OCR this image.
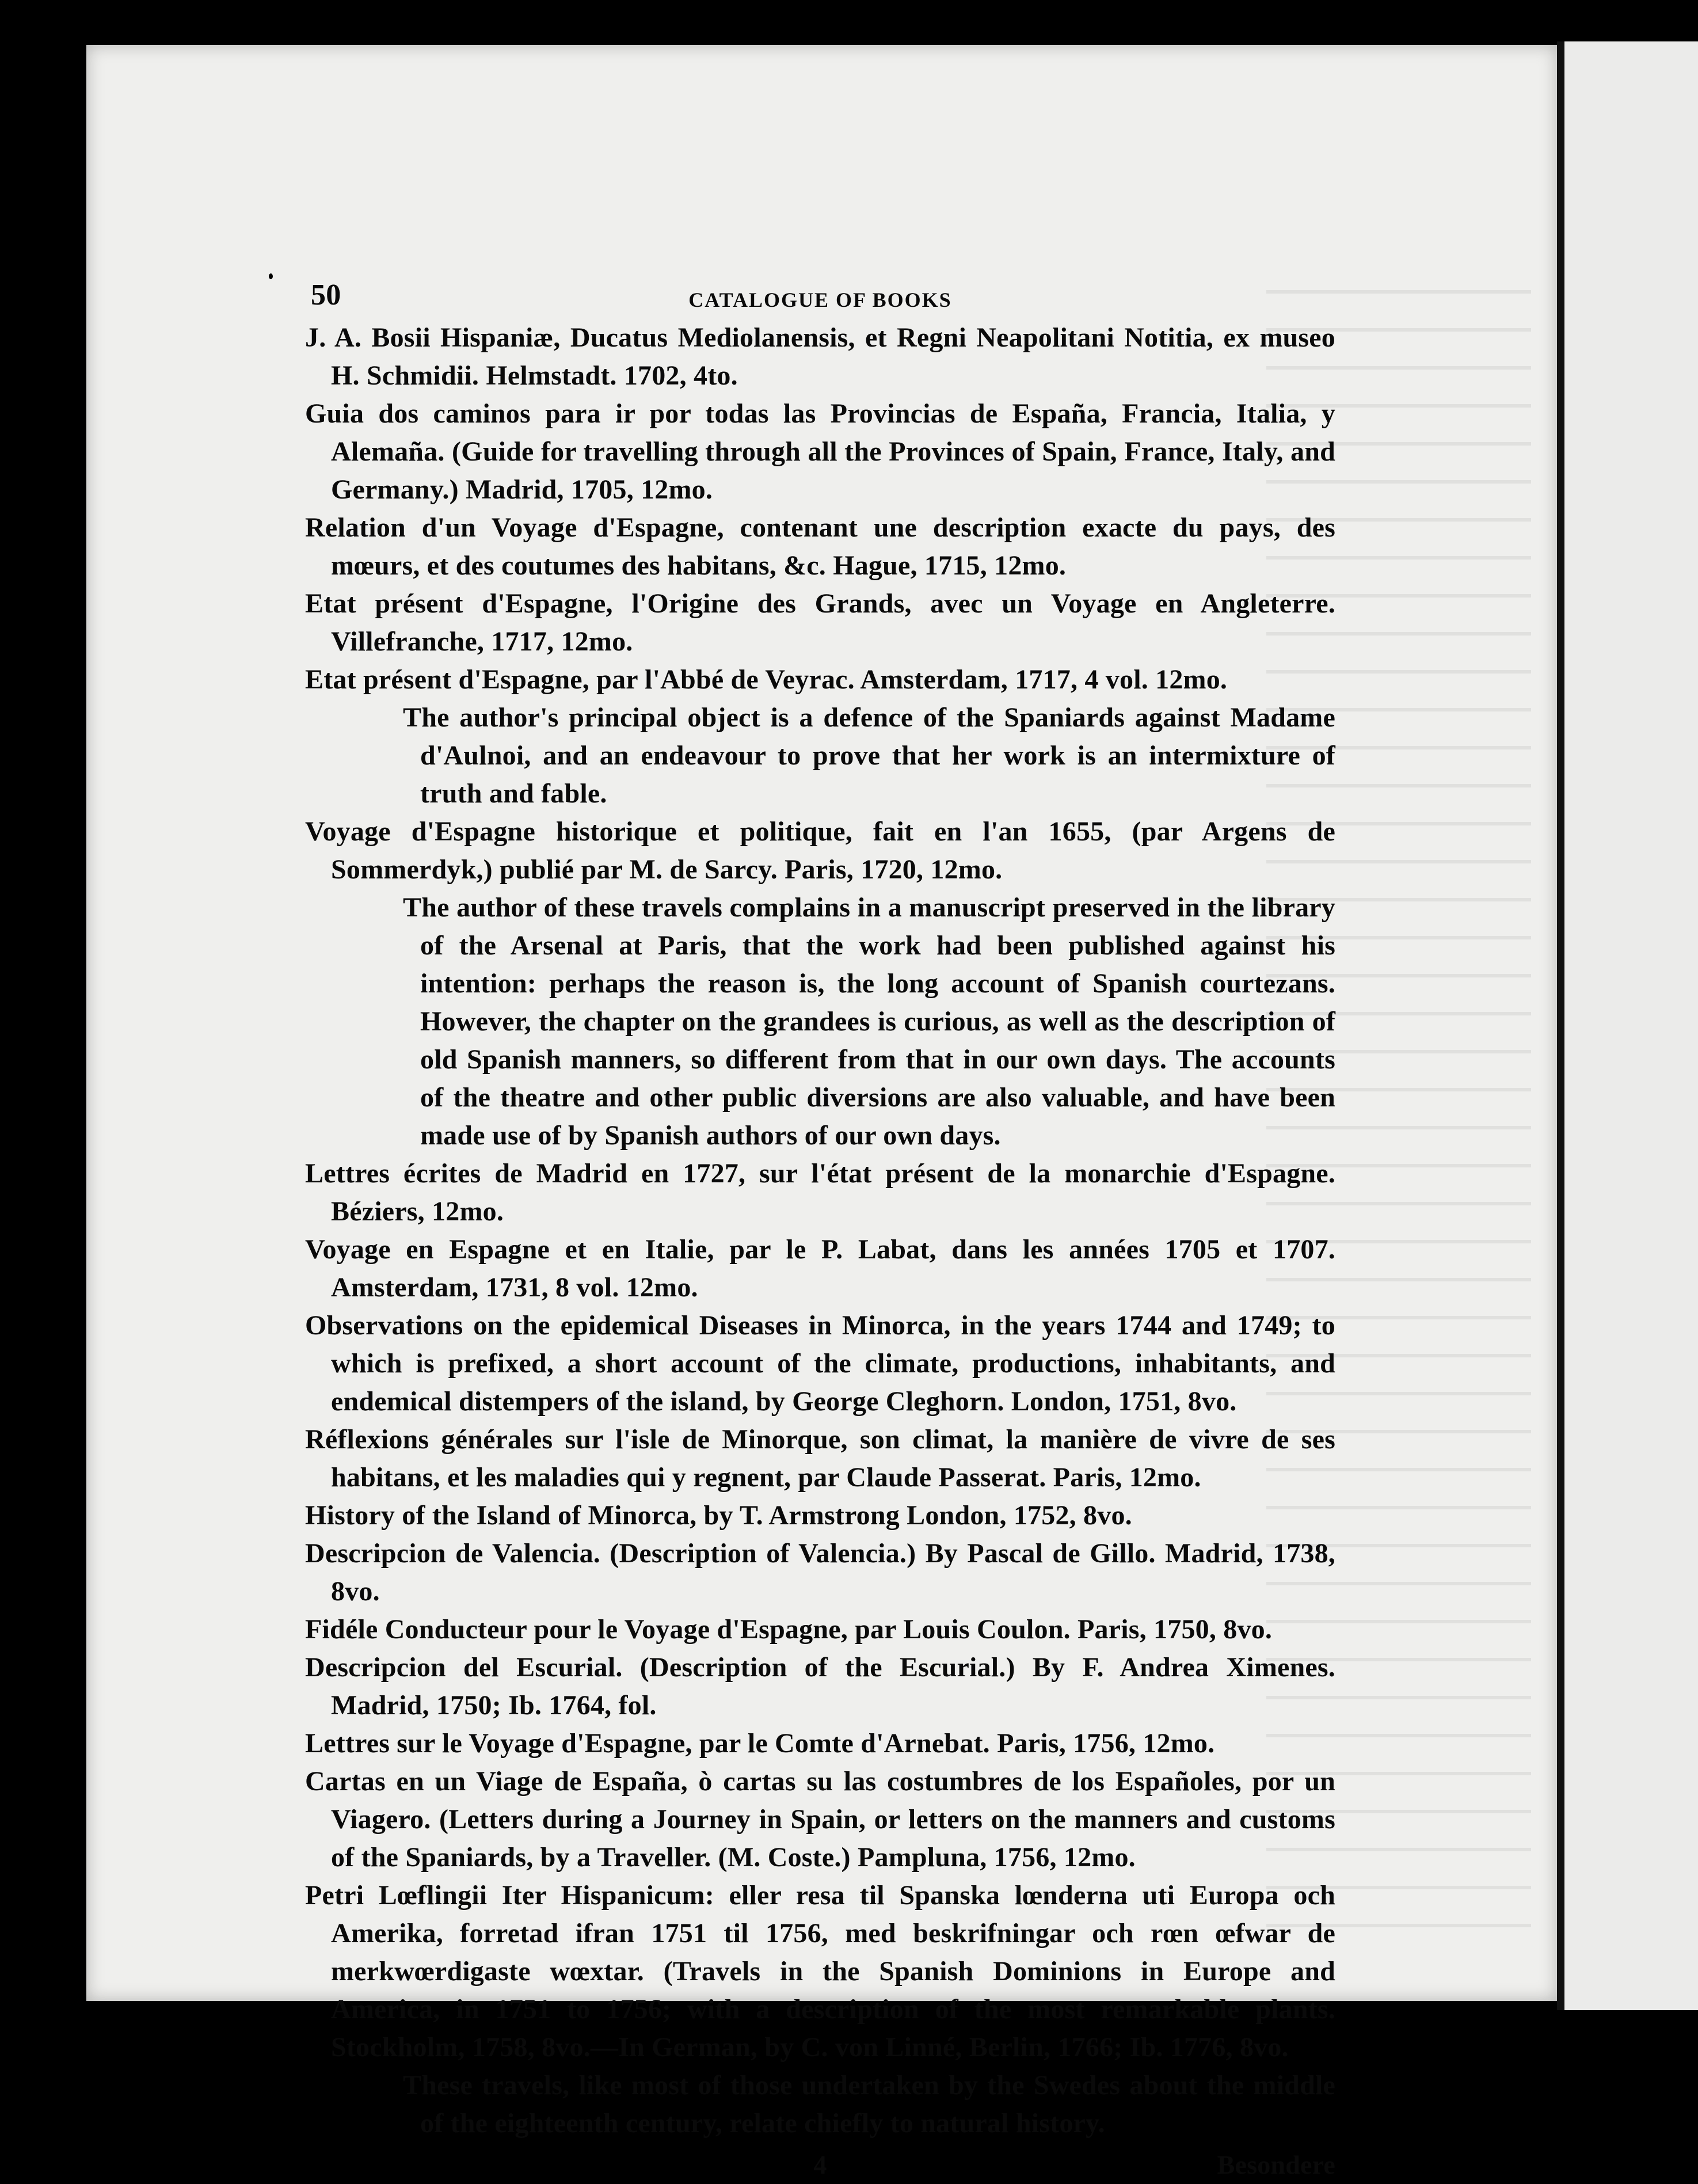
50	CATALOGUE OF BOOKS

J. A. Bosii Hispaniæ, Ducatus Mediolanensis, et Regni Neapolitani Notitia, ex museo H. Schmidii. Helmstadt. 1702, 4to.

Guia dos caminos para ir por todas las Provincias de España, Francia, Italia, y Alemaña. (Guide for travelling through all the Provinces of Spain, France, Italy, and Germany.) Madrid, 1705, 12mo.

Relation d'un Voyage d'Espagne, contenant une description exacte du pays, des mœurs, et des coutumes des habitans, &c. Hague, 1715, 12mo.

Etat présent d'Espagne, l'Origine des Grands, avec un Voyage en Angleterre. Villefranche, 1717, 12mo.

Etat présent d'Espagne, par l'Abbé de Veyrac. Amsterdam, 1717, 4 vol. 12mo.

The author's principal object is a defence of the Spaniards against Madame d'Aulnoi, and an endeavour to prove that her work is an intermixture of truth and fable.

Voyage d'Espagne historique et politique, fait en l'an 1655, (par Argens de Sommerdyk,) publié par M. de Sarcy. Paris, 1720, 12mo.

The author of these travels complains in a manuscript preserved in the library of the Arsenal at Paris, that the work had been published against his intention: perhaps the reason is, the long account of Spanish courtezans. However, the chapter on the grandees is curious, as well as the description of old Spanish manners, so different from that in our own days. The accounts of the theatre and other public diversions are also valuable, and have been made use of by Spanish authors of our own days.

Lettres écrites de Madrid en 1727, sur l'état présent de la monarchie d'Espagne. Béziers, 12mo.

Voyage en Espagne et en Italie, par le P. Labat, dans les années 1705 et 1707. Amsterdam, 1731, 8 vol. 12mo.

Observations on the epidemical Diseases in Minorca, in the years 1744 and 1749; to which is prefixed, a short account of the climate, productions, inhabitants, and endemical distempers of the island, by George Cleghorn. London, 1751, 8vo.

Réflexions générales sur l'isle de Minorque, son climat, la manière de vivre de ses habitans, et les maladies qui y regnent, par Claude Passerat. Paris, 12mo.

History of the Island of Minorca, by T. Armstrong London, 1752, 8vo.

Descripcion de Valencia. (Description of Valencia.) By Pascal de Gillo. Madrid, 1738, 8vo.

Fidéle Conducteur pour le Voyage d'Espagne, par Louis Coulon. Paris, 1750, 8vo.

Descripcion del Escurial. (Description of the Escurial.) By F. Andrea Ximenes. Madrid, 1750; Ib. 1764, fol.

Lettres sur le Voyage d'Espagne, par le Comte d'Arnebat. Paris, 1756, 12mo.

Cartas en un Viage de España, ò cartas su las costumbres de los Españoles, por un Viagero. (Letters during a Journey in Spain, or letters on the manners and customs of the Spaniards, by a Traveller. (M. Coste.) Pampluna, 1756, 12mo.

Petri Lœflingii Iter Hispanicum: eller resa til Spanska lœnderna uti Europa och Amerika, forretad ifran 1751 til 1756, med beskrifningar och rœn œfwar de merkwœrdigaste wœxtar. (Travels in the Spanish Dominions in Europe and America, in 1751 to 1756; with a description of the most remarkable plants. Stockholm, 1758, 8vo.—In German, by C. von Linné, Berlin, 1766; Ib. 1776, 8vo.

These travels, like most of those undertaken by the Swedes about the middle of the eighteenth century, relate chiefly to natural history.

4	Besondere
